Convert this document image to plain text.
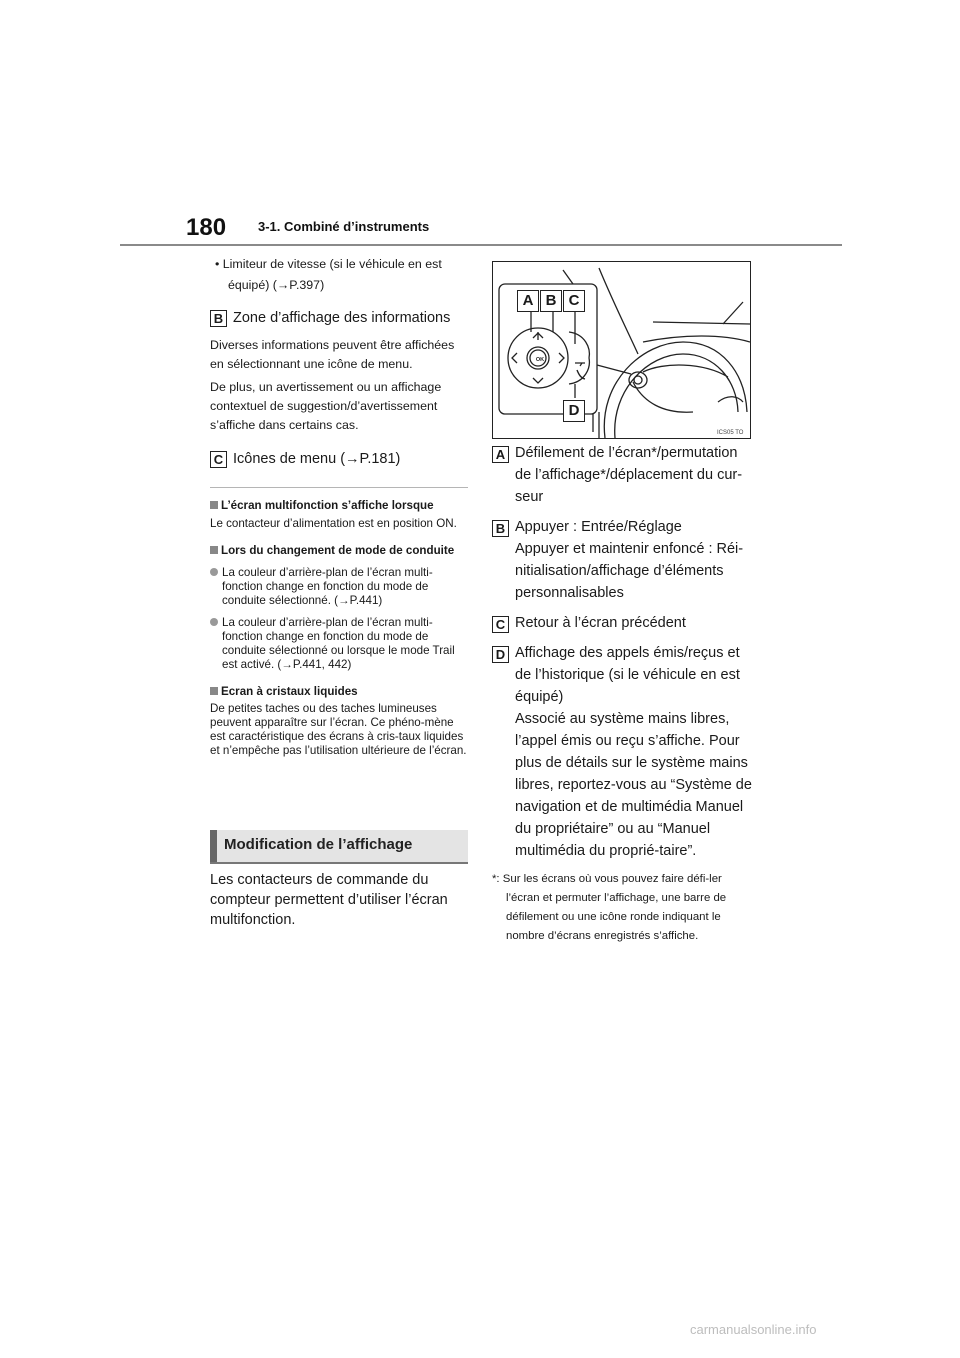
180 3-1. Combiné d’instruments

• Limiteur de vitesse (si le véhicule en est équipé) (→P.397)

B Zone d’affichage des informations

Diverses informations peuvent être affichées en sélectionnant une icône de menu.

De plus, un avertissement ou un affichage contextuel de suggestion/d’avertissement s’affiche dans certains cas.

C Icônes de menu (→P.181)

L’écran multifonction s’affiche lorsque

Le contacteur d’alimentation est en position ON.

Lors du changement de mode de conduite

La couleur d’arrière-plan de l’écran multi-fonction change en fonction du mode de conduite sélectionné. (→P.441)

La couleur d’arrière-plan de l’écran multi-fonction change en fonction du mode de conduite sélectionné ou lorsque le mode Trail est activé. (→P.441, 442)

Ecran à cristaux liquides

De petites taches ou des taches lumineuses peuvent apparaître sur l’écran. Ce phéno-mène est caractéristique des écrans à cris-taux liquides et n’empêche pas l’utilisation ultérieure de l’écran.

Modification de l’affichage
Les contacteurs de commande du compteur permettent d’utiliser l’écran multifonction.
OK
ICS05 TO
A B C
D
A Défilement de l’écran*/permutation de l’affichage*/déplacement du cur-seur
B Appuyer : Entrée/Réglage
Appuyer et maintenir enfoncé : Réi-nitialisation/affichage d’éléments personnalisables
C Retour à l’écran précédent
D Affichage des appels émis/reçus et de l’historique (si le véhicule en est équipé)
Associé au système mains libres, l’appel émis ou reçu s’affiche. Pour plus de détails sur le système mains libres, reportez-vous au “Système de navigation et de multimédia Manuel du propriétaire” ou au “Manuel multimédia du proprié-taire”.
*: Sur les écrans où vous pouvez faire défi-ler l’écran et permuter l’affichage, une barre de défilement ou une icône ronde indiquant le nombre d’écrans enregistrés s’affiche.
carmanualsonline.info
